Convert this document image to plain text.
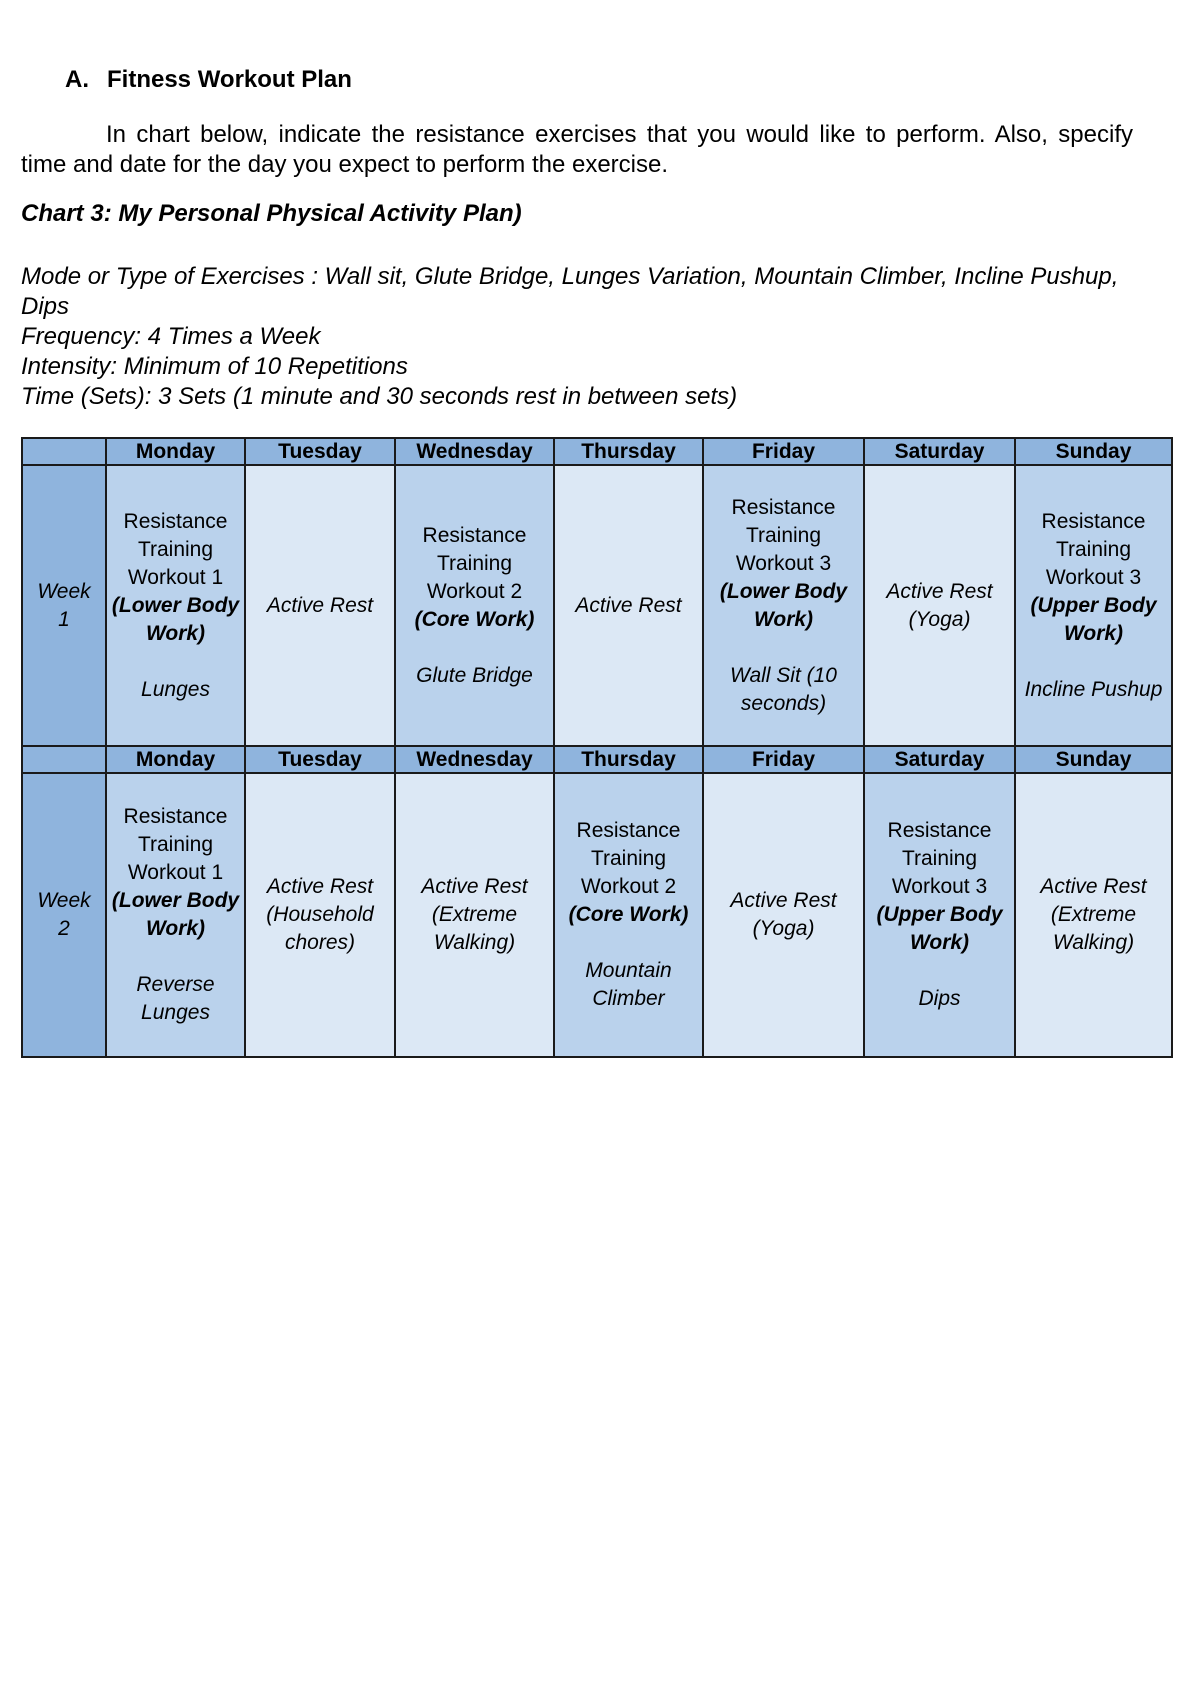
A. Fitness Workout Plan

In chart below, indicate the resistance exercises that you would like to perform. Also, specify time and date for the day you expect to perform the exercise.

Chart 3: My Personal Physical Activity Plan)
Mode or Type of Exercises : Wall sit, Glute Bridge, Lunges Variation, Mountain Climber, Incline Pushup, Dips
Frequency: 4 Times a Week
Intensity: Minimum of 10 Repetitions
Time (Sets): 3 Sets (1 minute and 30 seconds rest in between sets)
	Monday	Tuesday	Wednesday	Thursday	Friday	Saturday	Sunday

Week
1	Resistance
Training
Workout 1
(Lower Body Work)
Lunges	Active Rest	Resistance
Training
Workout 2
(Core Work)
Glute Bridge	Active Rest	Resistance
Training
Workout 3
(Lower Body Work)
Wall Sit (10 seconds)	Active Rest (Yoga)	Resistance
Training
Workout 3
(Upper Body Work)
Incline Pushup

	Monday	Tuesday	Wednesday	Thursday	Friday	Saturday	Sunday

Week
2	Resistance
Training
Workout 1
(Lower Body Work)
Reverse Lunges	Active Rest (Household chores)	Active Rest (Extreme Walking)	Resistance
Training
Workout 2
(Core Work)
Mountain Climber	Active Rest (Yoga)	Resistance
Training
Workout 3
(Upper Body Work)
Dips	Active Rest (Extreme Walking)
